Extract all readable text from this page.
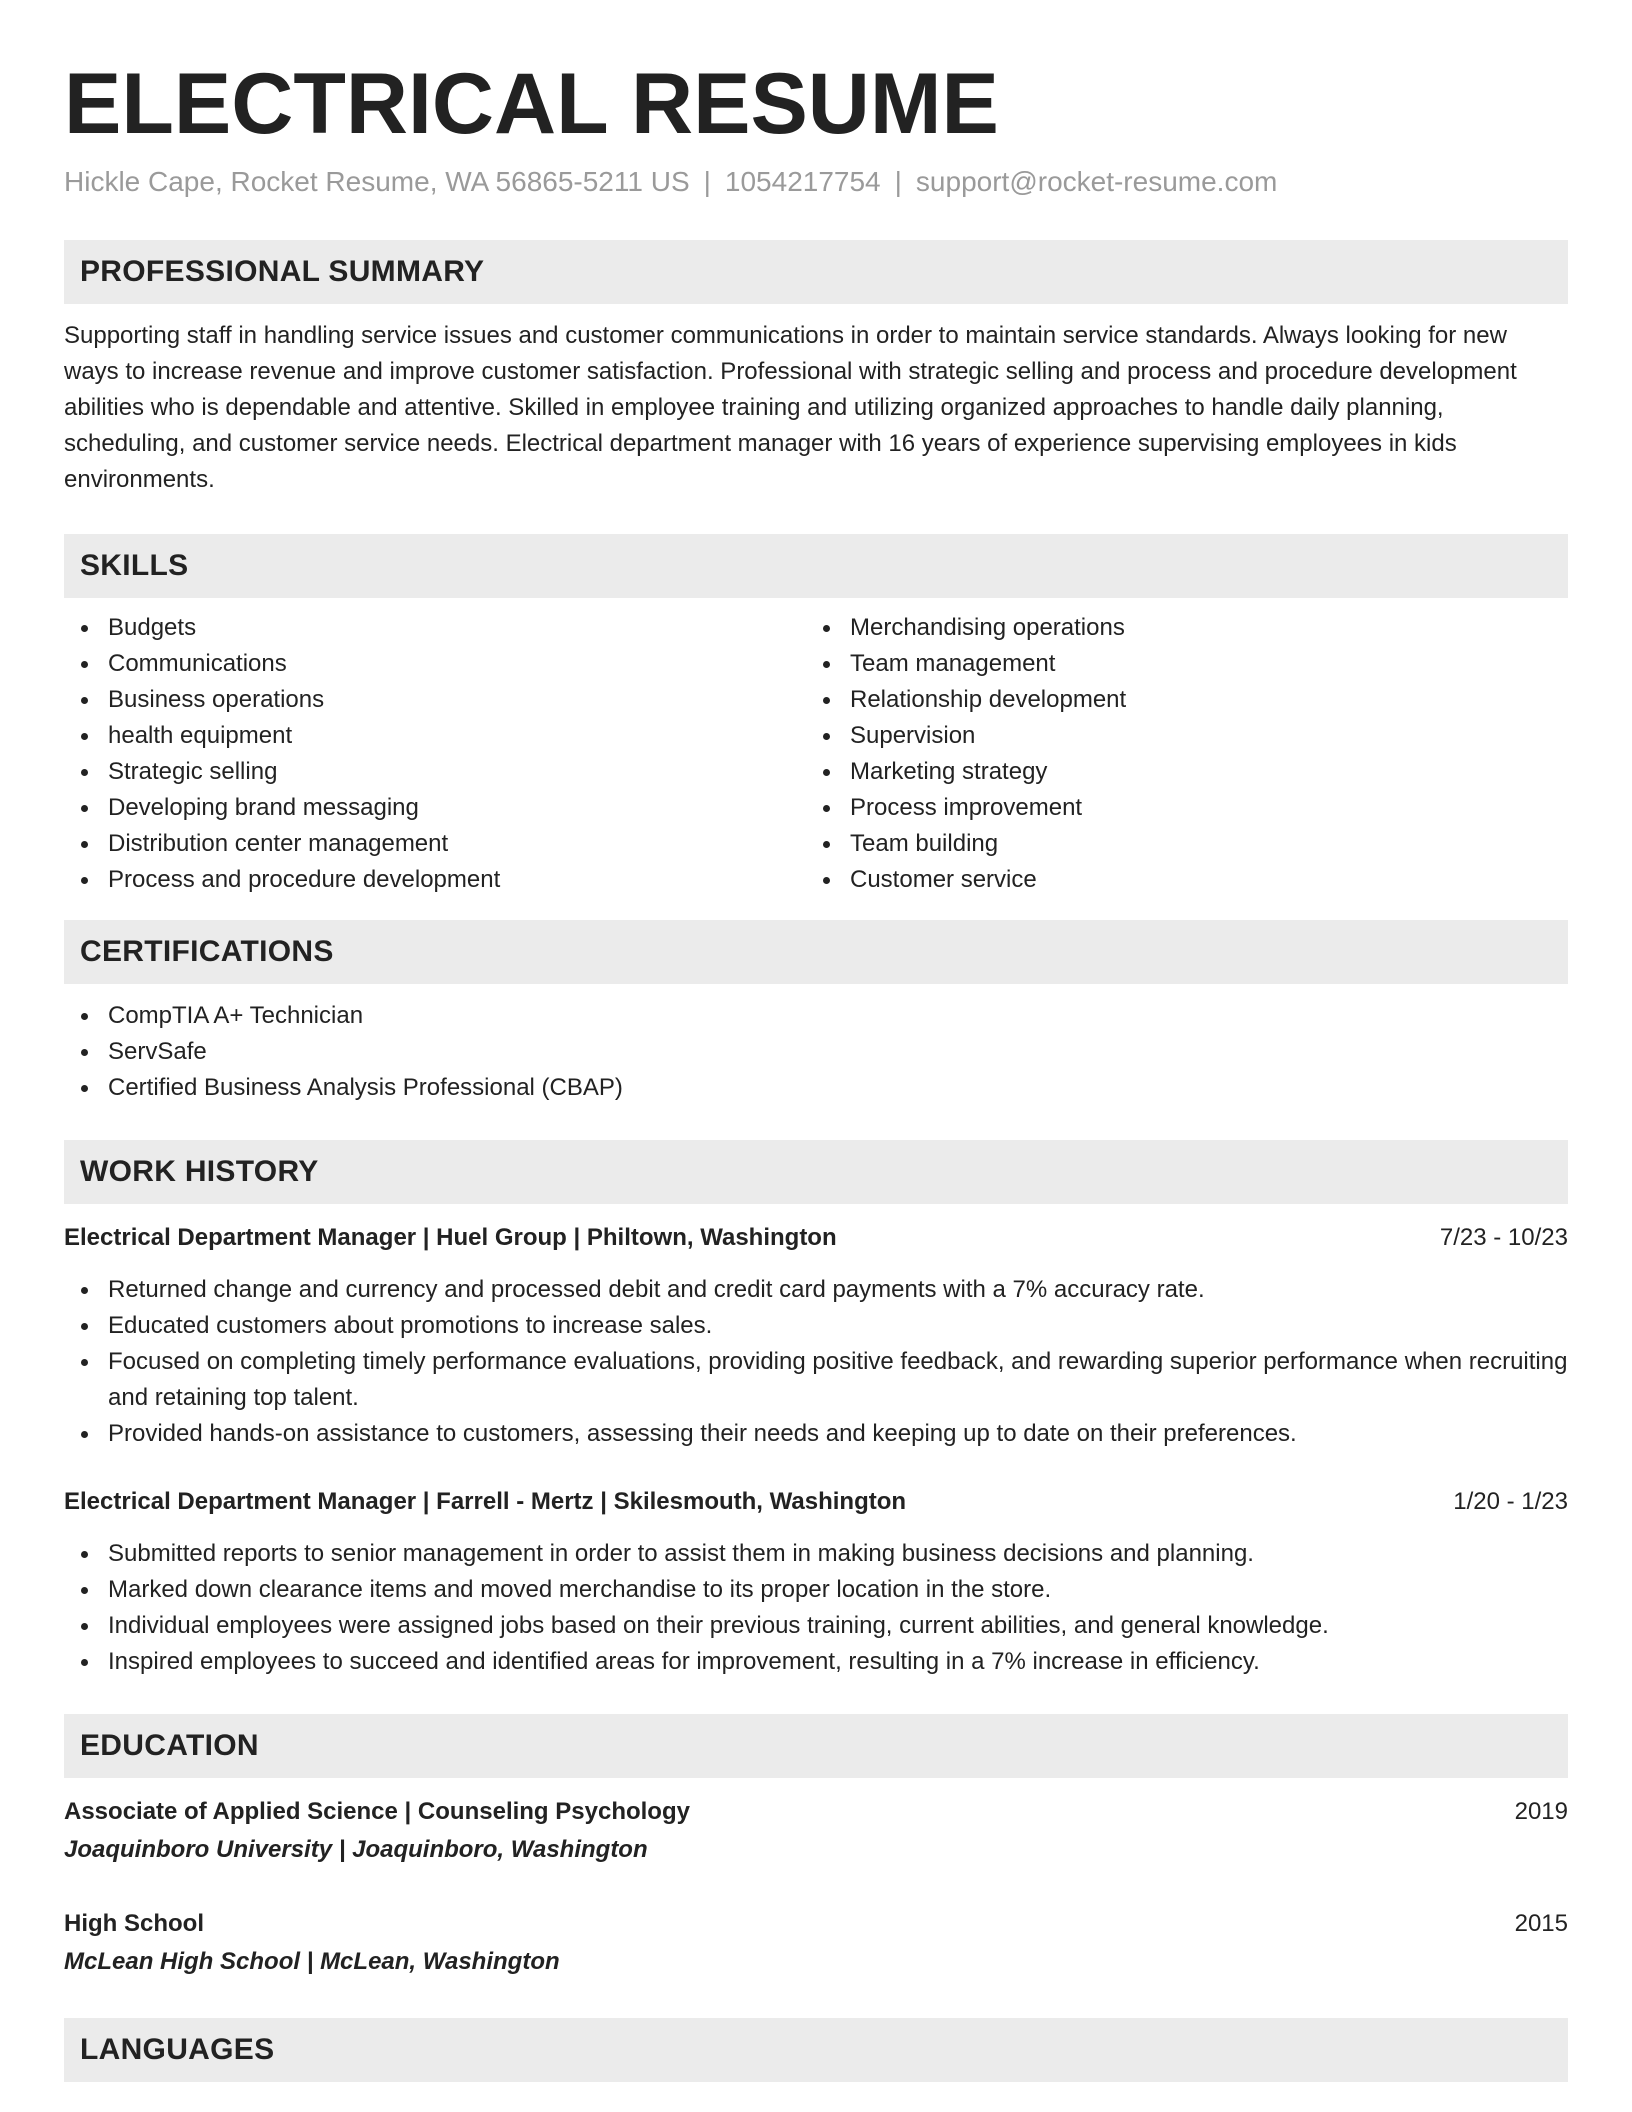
ELECTRICAL RESUME
Hickle Cape, Rocket Resume, WA 56865-5211 US | 1054217754 | support@rocket-resume.com
PROFESSIONAL SUMMARY

Supporting staff in handling service issues and customer communications in order to maintain service standards. Always looking for new ways to increase revenue and improve customer satisfaction. Professional with strategic selling and process and procedure development abilities who is dependable and attentive. Skilled in employee training and utilizing organized approaches to handle daily planning, scheduling, and customer service needs. Electrical department manager with 16 years of experience supervising employees in kids environments.

SKILLS
Budgets
Communications
Business operations
health equipment
Strategic selling
Developing brand messaging
Distribution center management
Process and procedure development
Merchandising operations
Team management
Relationship development
Supervision
Marketing strategy
Process improvement
Team building
Customer service
CERTIFICATIONS
CompTIA A+ Technician
ServSafe
Certified Business Analysis Professional (CBAP)
WORK HISTORY
Electrical Department Manager | Huel Group | Philtown, Washington	7/23 - 10/23
Returned change and currency and processed debit and credit card payments with a 7% accuracy rate.
Educated customers about promotions to increase sales.
Focused on completing timely performance evaluations, providing positive feedback, and rewarding superior performance when recruiting and retaining top talent.
Provided hands-on assistance to customers, assessing their needs and keeping up to date on their preferences.
Electrical Department Manager | Farrell - Mertz | Skilesmouth, Washington	1/20 - 1/23
Submitted reports to senior management in order to assist them in making business decisions and planning.
Marked down clearance items and moved merchandise to its proper location in the store.
Individual employees were assigned jobs based on their previous training, current abilities, and general knowledge.
Inspired employees to succeed and identified areas for improvement, resulting in a 7% increase in efficiency.
EDUCATION
Associate of Applied Science | Counseling Psychology	2019
Joaquinboro University | Joaquinboro, Washington
High School	2015
McLean High School | McLean, Washington
LANGUAGES
